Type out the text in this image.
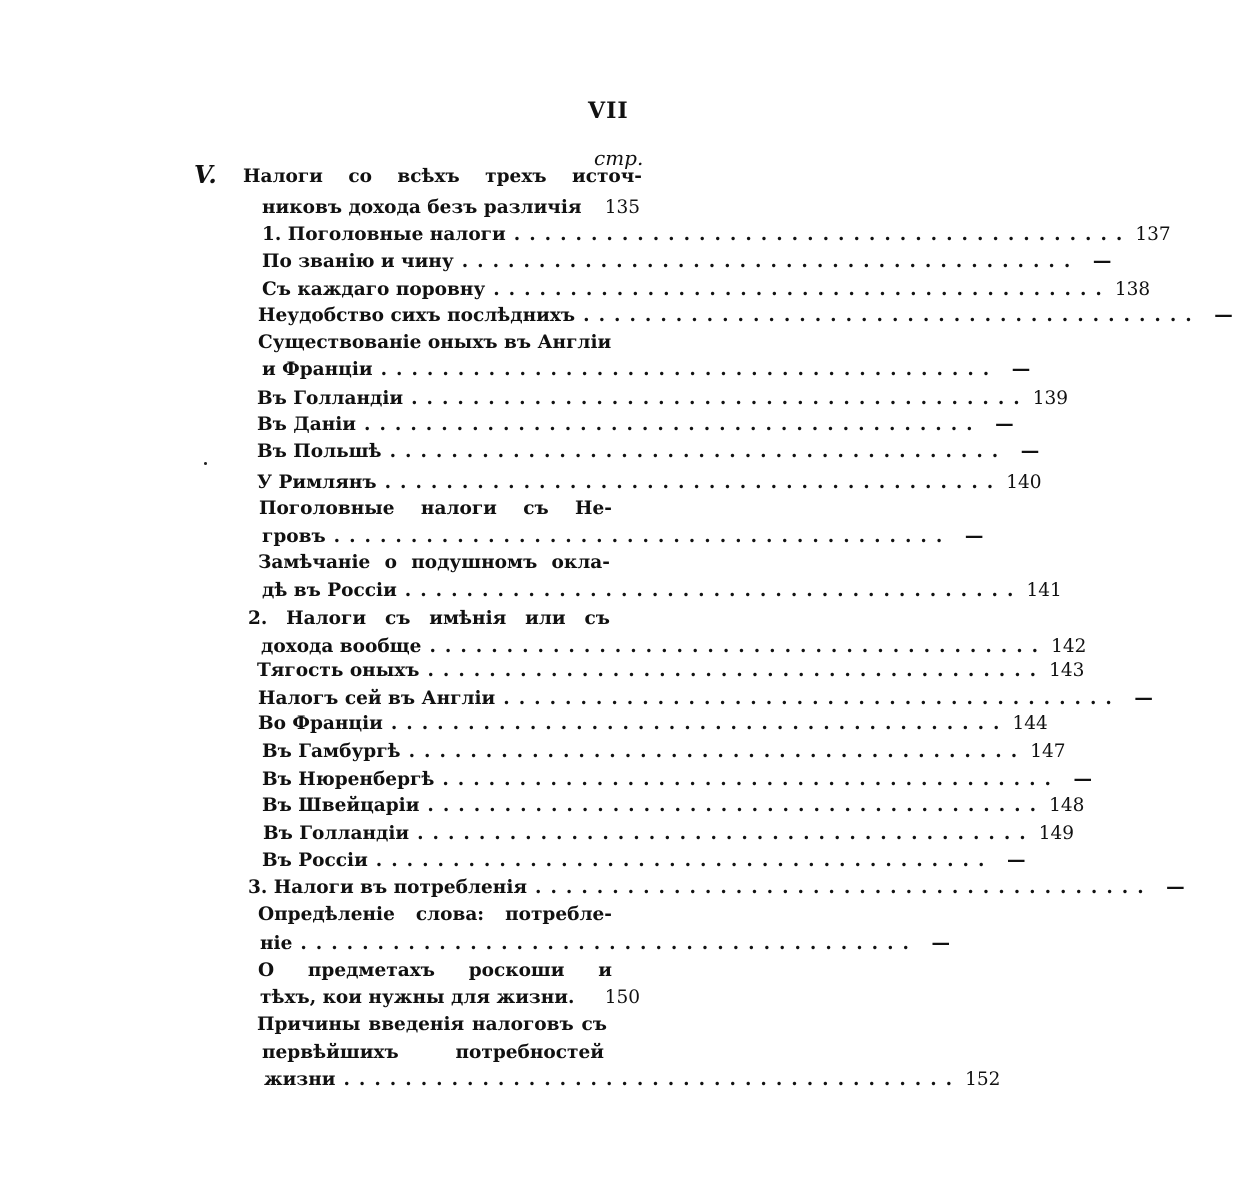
VII
стр.
V. Налоги со всѣхъ трехъ источ-
никовъ дохода безъ различія 135
1. Поголовные налоги ........................................ 137
По званію и чину ........................................ —
Съ каждаго поровну ........................................ 138
Неудобство сихъ послѣднихъ ........................................ —
Существованіе оныхъ въ Англіи
и Франціи ........................................ —
Въ Голландіи ........................................ 139
Въ Даніи ........................................ —
Въ Польшѣ ........................................ —
У Римлянъ ........................................ 140
Поголовные налоги съ Не-
гровъ ........................................ —
Замѣчаніе о подушномъ окла-
дѣ въ Россіи ........................................ 141
2. Налоги съ имѣнія или съ
дохода вообще ........................................ 142
Тягость оныхъ ........................................ 143
Налогъ сей въ Англіи ........................................ —
Во Франціи ........................................ 144
Въ Гамбургѣ ........................................ 147
Въ Нюренбергѣ ........................................ —
Въ Швейцаріи ........................................ 148
Въ Голландіи ........................................ 149
Въ Россіи ........................................ —
3. Налоги въ потребленія ........................................ —
Опредѣленіе слова: потребле-
ніе ........................................ —
О предметахъ роскоши и
тѣхъ, кои нужны для жизни. 150
Причины введенія налоговъ съ
первѣйшихъ	потребностей
жизни ........................................ 152
